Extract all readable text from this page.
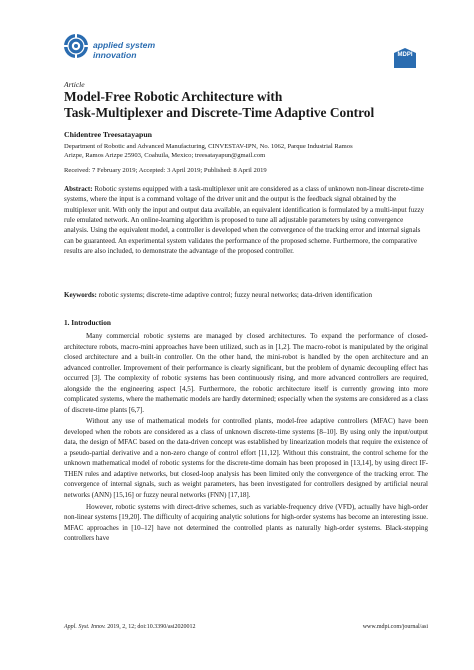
applied system
innovation	MDPI
Article
Model-Free Robotic Architecture with
Task-Multiplexer and Discrete-Time Adaptive Control
Chidentree Treesatayapun
Department of Robotic and Advanced Manufacturing, CINVESTAV-IPN, No. 1062, Parque Industrial Ramos
Arizpe, Ramos Arizpe 25903, Coahuila, Mexico; treesatayapun@gmail.com
Received: 7 February 2019; Accepted: 3 April 2019; Published: 8 April 2019
Abstract: Robotic systems equipped with a task-multiplexer unit are considered as a class of unknown non-linear discrete-time systems, where the input is a command voltage of the driver unit and the output is the feedback signal obtained by the multiplexer unit. With only the input and output data available, an equivalent identification is formulated by a multi-input fuzzy rule emulated network. An online-learning algorithm is proposed to tune all adjustable parameters by using convergence analysis. Using the equivalent model, a controller is developed when the convergence of the tracking error and internal signals can be guaranteed. An experimental system validates the performance of the proposed scheme. Furthermore, the comparative results are also included, to demonstrate the advantage of the proposed controller.
Keywords: robotic systems; discrete-time adaptive control; fuzzy neural networks; data-driven identification
1. Introduction

Many commercial robotic systems are managed by closed architectures. To expand the performance of closed-architecture robots, macro-mini approaches have been utilized, such as in [1,2]. The macro-robot is manipulated by the original closed architecture and a built-in controller. On the other hand, the mini-robot is handled by the open architecture and an advanced controller. Improvement of their performance is clearly significant, but the problem of dynamic decoupling effect has occurred [3]. The complexity of robotic systems has been continuously rising, and more advanced controllers are required, alongside the the engineering aspect [4,5]. Furthermore, the robotic architecture itself is currently growing into more complicated systems, where the mathematic models are hardly determined; especially when the systems are considered as a class of discrete-time plants [6,7].

Without any use of mathematical models for controlled plants, model-free adaptive controllers (MFAC) have been developed when the robots are considered as a class of unknown discrete-time systems [8–10]. By using only the input/output data, the design of MFAC based on the data-driven concept was established by linearization models that require the existence of a pseudo-partial derivative and a non-zero change of control effort [11,12]. Without this constraint, the control scheme for the unknown mathematical model of robotic systems for the discrete-time domain has been proposed in [13,14], by using direct IF-THEN rules and adaptive networks, but closed-loop analysis has been limited only the convergence of the tracking error. The convergence of internal signals, such as weight parameters, has been investigated for controllers designed by artificial neural networks (ANN) [15,16] or fuzzy neural networks (FNN) [17,18].

However, robotic systems with direct-drive schemes, such as variable-frequency drive (VFD), actually have high-order non-linear systems [19,20]. The difficulty of acquiring analytic solutions for high-order systems has become an interesting issue. MFAC approaches in [10–12] have not determined the controlled plants as naturally high-order systems. Black-stepping controllers have

Appl. Syst. Innov. 2019, 2, 12; doi:10.3390/asi2020012	www.mdpi.com/journal/asi
